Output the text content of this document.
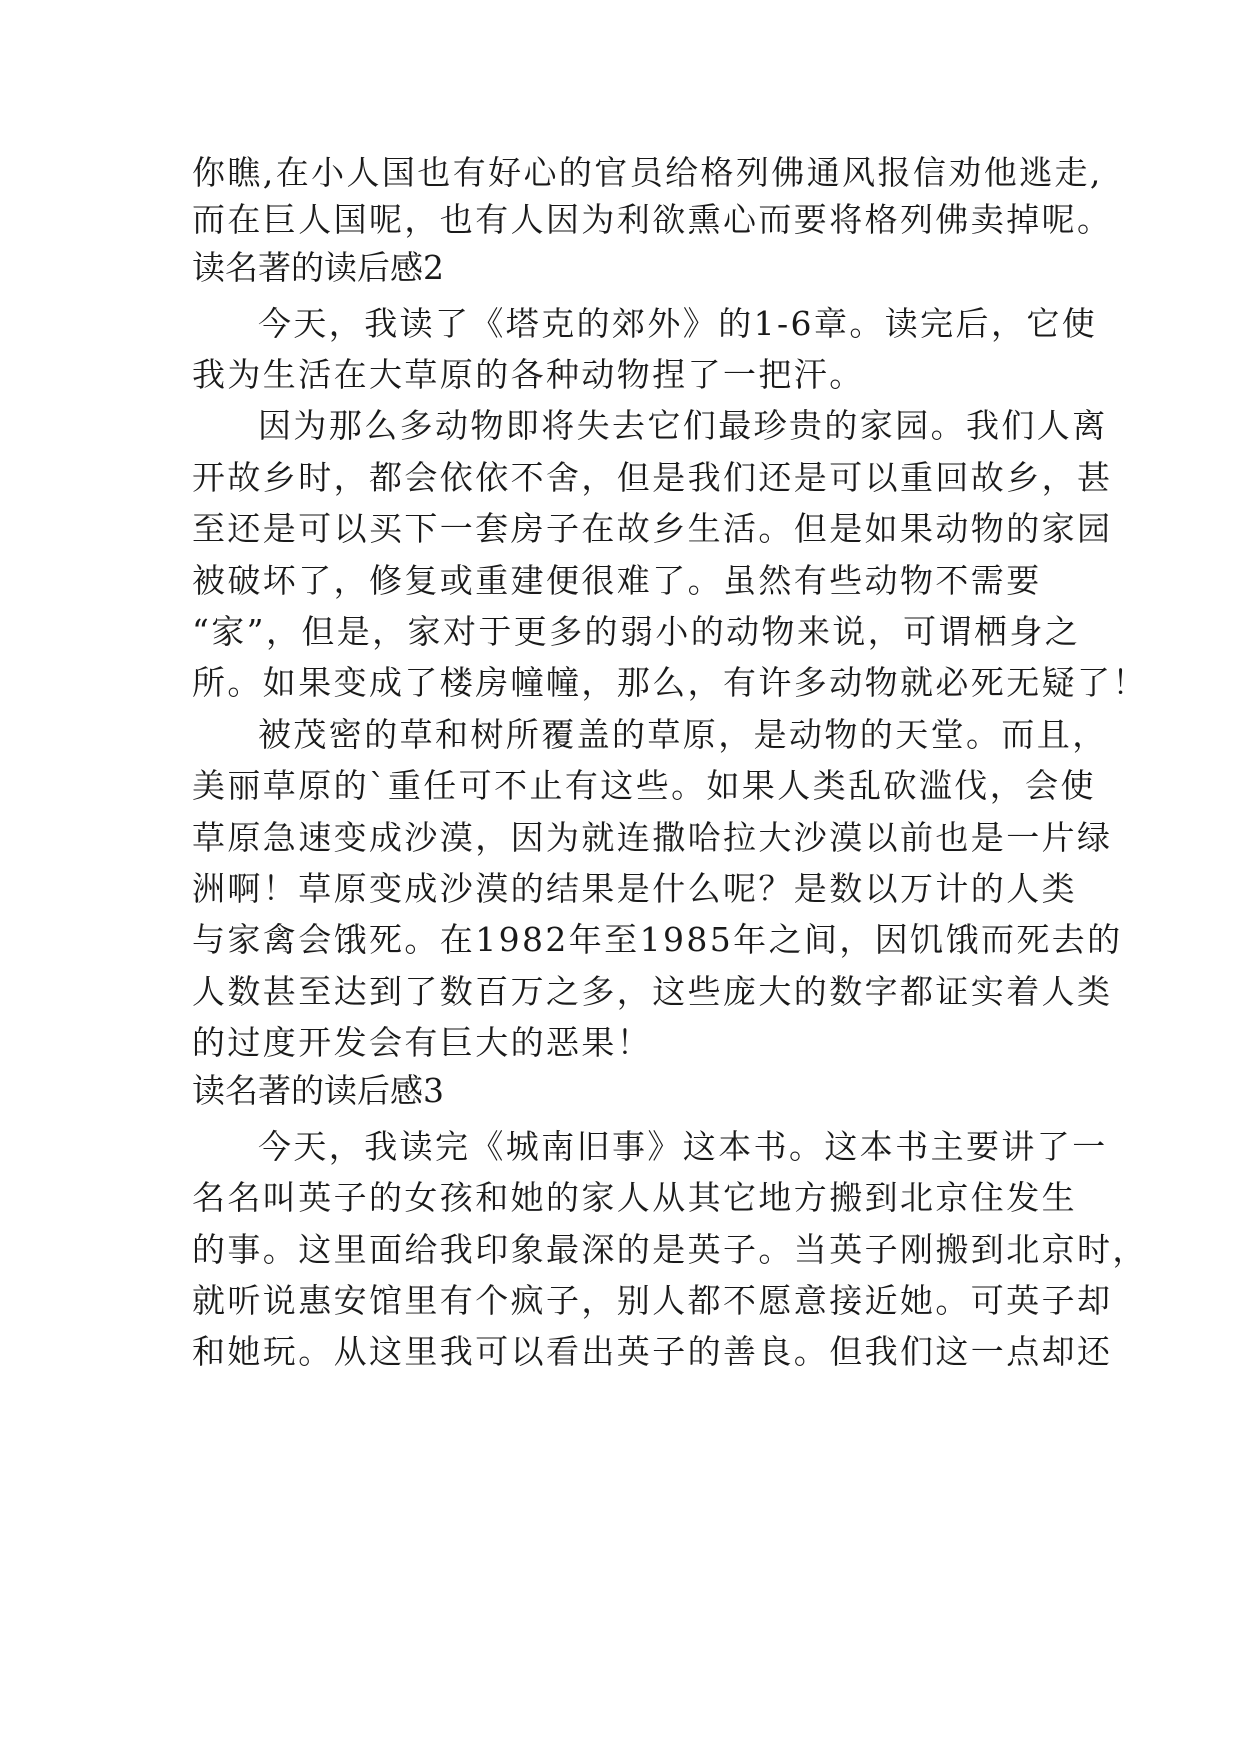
你瞧,在小人国也有好心的官员给格列佛通风报信劝他逃走,
而在巨人国呢，也有人因为利欲熏心而要将格列佛卖掉呢。
读名著的读后感2
今天，我读了《塔克的郊外》的1-6章。读完后，它使
我为生活在大草原的各种动物捏了一把汗。
因为那么多动物即将失去它们最珍贵的家园。我们人离
开故乡时，都会依依不舍，但是我们还是可以重回故乡，甚
至还是可以买下一套房子在故乡生活。但是如果动物的家园
被破坏了，修复或重建便很难了。虽然有些动物不需要
“家”，但是，家对于更多的弱小的动物来说，可谓栖身之
所。如果变成了楼房幢幢，那么，有许多动物就必死无疑了！
被茂密的草和树所覆盖的草原，是动物的天堂。而且，
美丽草原的`重任可不止有这些。如果人类乱砍滥伐，会使
草原急速变成沙漠，因为就连撒哈拉大沙漠以前也是一片绿
洲啊！草原变成沙漠的结果是什么呢？是数以万计的人类
与家禽会饿死。在1982年至1985年之间，因饥饿而死去的
人数甚至达到了数百万之多，这些庞大的数字都证实着人类
的过度开发会有巨大的恶果！
读名著的读后感3
今天，我读完《城南旧事》这本书。这本书主要讲了一
名名叫英子的女孩和她的家人从其它地方搬到北京住发生
的事。这里面给我印象最深的是英子。当英子刚搬到北京时，
就听说惠安馆里有个疯子，别人都不愿意接近她。可英子却
和她玩。从这里我可以看出英子的善良。但我们这一点却还
